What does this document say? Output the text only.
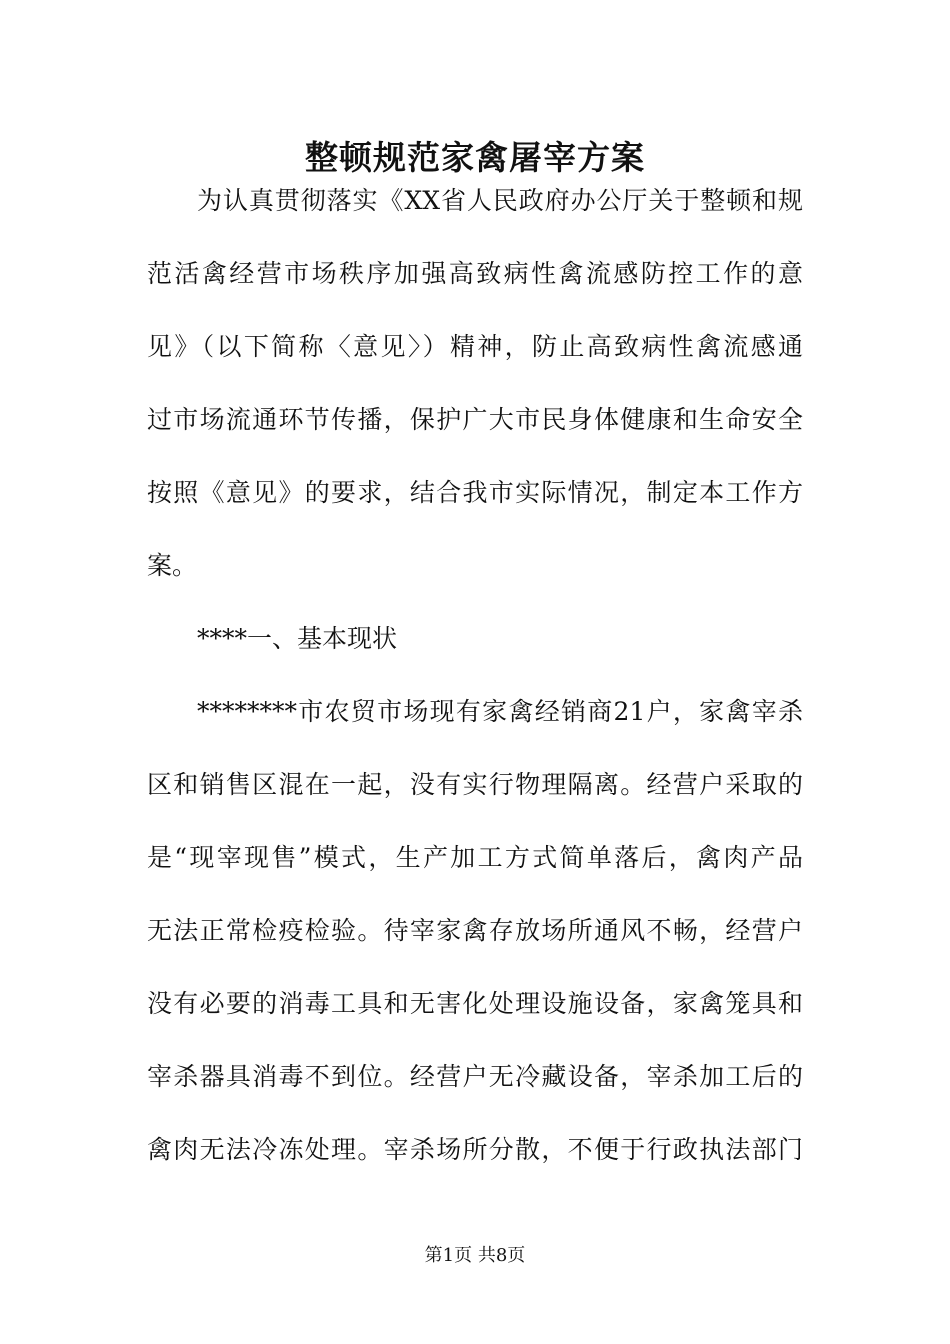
整顿规范家禽屠宰方案
为认真贯彻落实《XX省人民政府办公厅关于整顿和规
范活禽经营市场秩序加强高致病性禽流感防控工作的意
见》（以下简称〈意见〉）精神，防止高致病性禽流感通
过市场流通环节传播，保护广大市民身体健康和生命安全
按照《意见》的要求，结合我市实际情况，制定本工作方
案。
****一、基本现状
********市农贸市场现有家禽经销商21户，家禽宰杀
区和销售区混在一起，没有实行物理隔离。经营户采取的
是“现宰现售”模式，生产加工方式简单落后，禽肉产品
无法正常检疫检验。待宰家禽存放场所通风不畅，经营户
没有必要的消毒工具和无害化处理设施设备，家禽笼具和
宰杀器具消毒不到位。经营户无冷藏设备，宰杀加工后的
禽肉无法冷冻处理。宰杀场所分散，不便于行政执法部门
第1页 共8页
